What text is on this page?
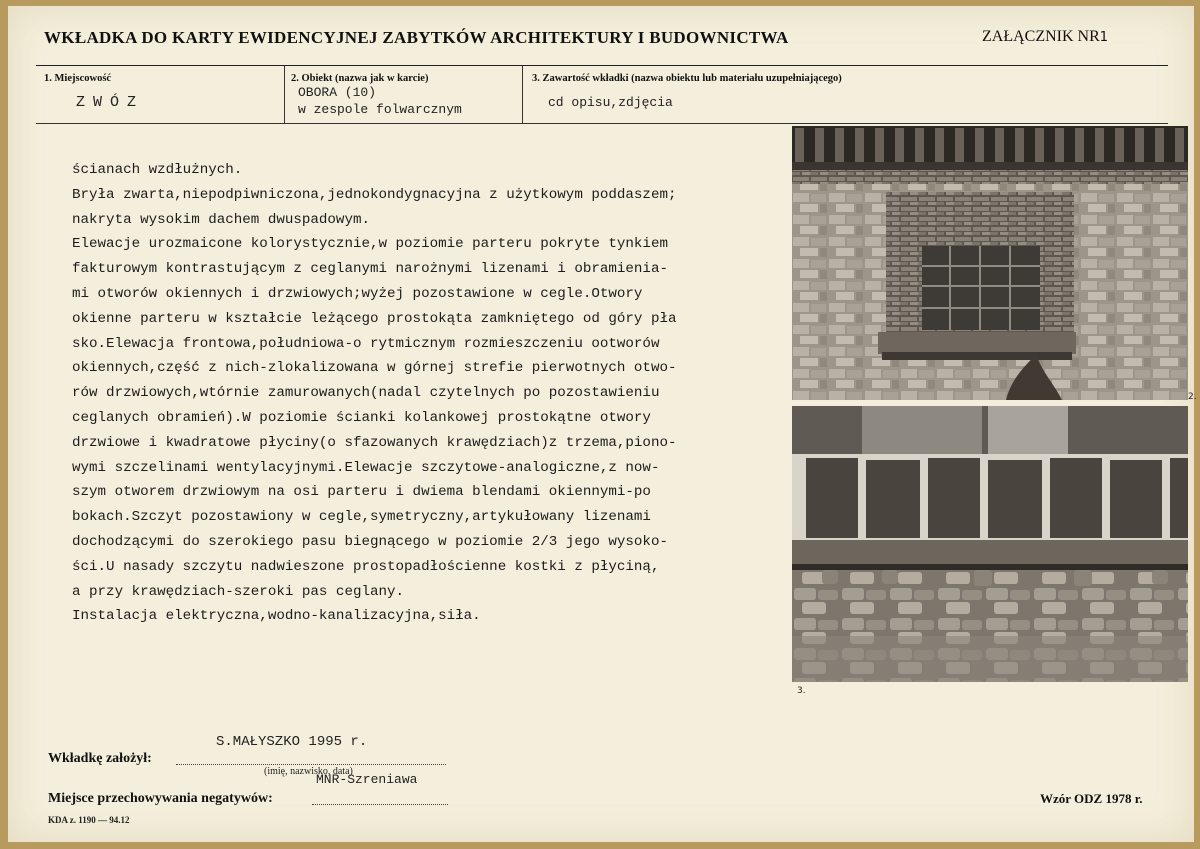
WKŁADKA DO KARTY EWIDENCYJNEJ ZABYTKÓW ARCHITEKTURY I BUDOWNICTWA	ZAŁĄCZNIK NR1
1. Miejscowość
ZWÓZ
2. Obiekt (nazwa jak w karcie)
OBORA (10)
w zespole folwarcznym
3. Zawartość wkładki (nazwa obiektu lub materiału uzupełniającego)
cd opisu,zdjęcia
ścianach wzdłużnych.
Bryła zwarta,niepodpiwniczona,jednokondygnacyjna z użytkowym poddaszem;
nakryta wysokim dachem dwuspadowym.
Elewacje urozmaicone kolorystycznie,w poziomie parteru pokryte tynkiem
fakturowym kontrastującym z ceglanymi narożnymi lizenami i obramienia-
mi otworów okiennych i drzwiowych;wyżej pozostawione w cegle.Otwory
okienne parteru w kształcie leżącego prostokąta zamkniętego od góry pła
sko.Elewacja frontowa,południowa-o rytmicznym rozmieszczeniu ootworów
okiennych,część z nich-zlokalizowana w górnej strefie pierwotnych otwo-
rów drzwiowych,wtórnie zamurowanych(nadal czytelnych po pozostawieniu
ceglanych obramień).W poziomie ścianki kolankowej prostokątne otwory
drzwiowe i kwadratowe płyciny(o sfazowanych krawędziach)z trzema,piono-
wymi szczelinami wentylacyjnymi.Elewacje szczytowe-analogiczne,z now-
szym otworem drzwiowym na osi parteru i dwiema blendami okiennymi-po
bokach.Szczyt pozostawiony w cegle,symetryczny,artykułowany lizenami
dochodzącymi do szerokiego pasu biegnącego w poziomie 2/3 jego wysoko-
ści.U nasady szczytu nadwieszone prostopadłościenne kostki z płyciną,
a przy krawędziach-szeroki pas ceglany.
Instalacja elektryczna,wodno-kanalizacyjna,siła.
2.
3.
S.MAŁYSZKO 1995 r.
Wkładkę założył:
(imię, nazwisko, data)
MNR-Szreniawa
Miejsce przechowywania negatywów:	Wzór ODZ 1978 r.
KDA z. 1190 — 94.12
